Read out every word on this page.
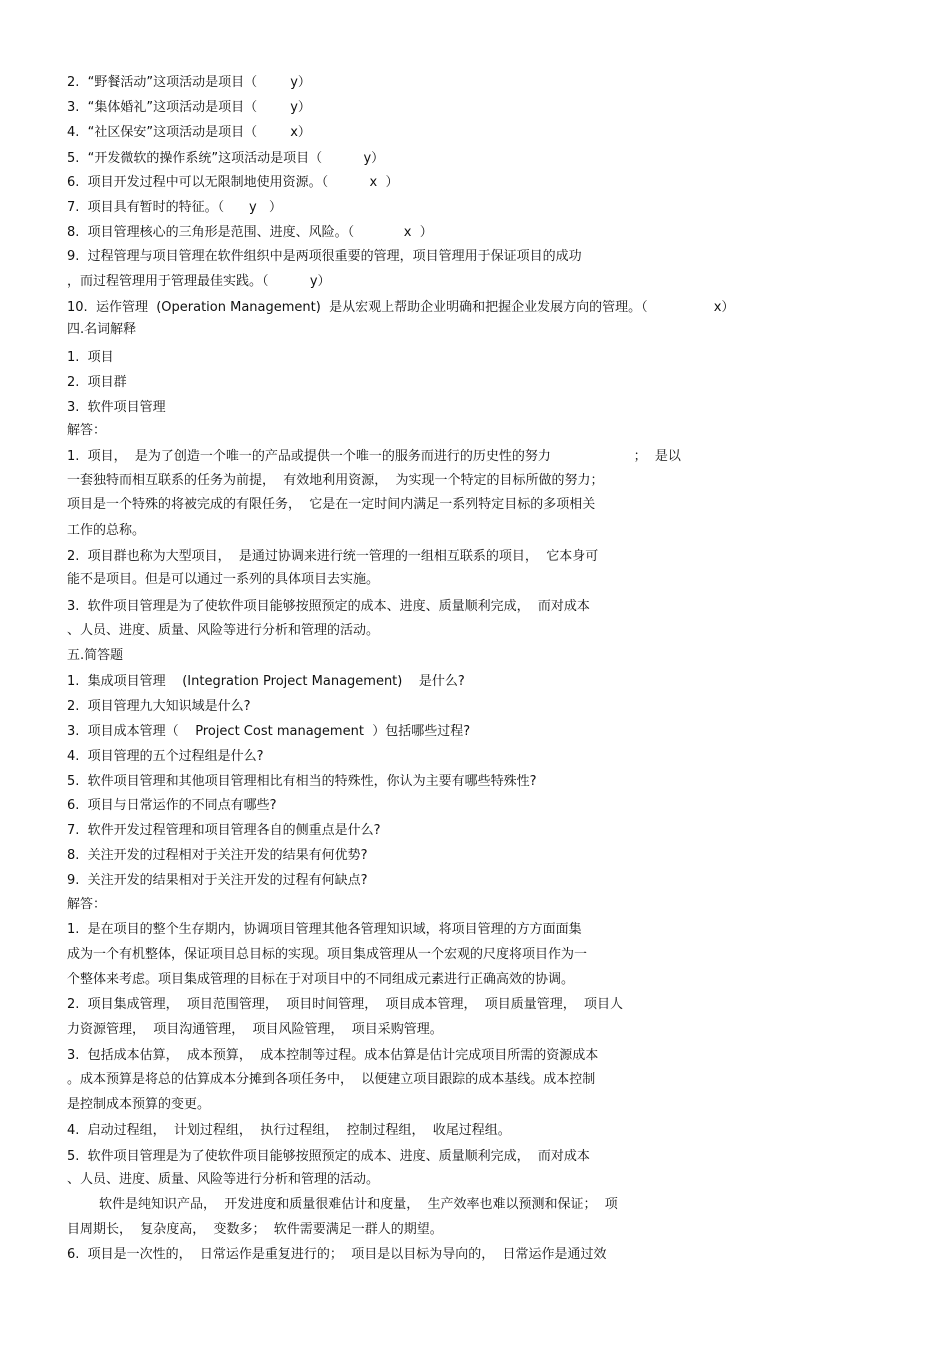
2.  “野餐活动”这项活动是项目（        y）
3.  “集体婚礼”这项活动是项目（        y）
4.  “社区保安”这项活动是项目（        x）
5.  “开发微软的操作系统”这项活动是项目（          y）
6.  项目开发过程中可以无限制地使用资源。（          x  ）
7.  项目具有暂时的特征。（      y   ）
8.  项目管理核心的三角形是范围、进度、风险。（            x  ）
9.  过程管理与项目管理在软件组织中是两项很重要的管理，项目管理用于保证项目的成功
，而过程管理用于管理最佳实践。（          y）
10.  运作管理  (Operation Management)  是从宏观上帮助企业明确和把握企业发展方向的管理。（                x）
四.名词解释
1.  项目
2.  项目群
3.  软件项目管理
解答：
1.  项目，  是为了创造一个唯一的产品或提供一个唯一的服务而进行的历史性的努力                    ；  是以
一套独特而相互联系的任务为前提，  有效地利用资源，  为实现一个特定的目标所做的努力；
项目是一个特殊的将被完成的有限任务，  它是在一定时间内满足一系列特定目标的多项相关
工作的总称。
2.  项目群也称为大型项目，  是通过协调来进行统一管理的一组相互联系的项目，  它本身可
能不是项目。但是可以通过一系列的具体项目去实施。
3.  软件项目管理是为了使软件项目能够按照预定的成本、进度、质量顺利完成，  而对成本
、人员、进度、质量、风险等进行分析和管理的活动。
五.简答题
1.  集成项目管理    (Integration Project Management)    是什么?
2.  项目管理九大知识域是什么?
3.  项目成本管理（    Project Cost management  ）包括哪些过程?
4.  项目管理的五个过程组是什么?
5.  软件项目管理和其他项目管理相比有相当的特殊性，你认为主要有哪些特殊性?
6.  项目与日常运作的不同点有哪些?
7.  软件开发过程管理和项目管理各自的侧重点是什么?
8.  关注开发的过程相对于关注开发的结果有何优势?
9.  关注开发的结果相对于关注开发的过程有何缺点?
解答：
1.  是在项目的整个生存期内，协调项目管理其他各管理知识域，将项目管理的方方面面集
成为一个有机整体，保证项目总目标的实现。项目集成管理从一个宏观的尺度将项目作为一
个整体来考虑。项目集成管理的目标在于对项目中的不同组成元素进行正确高效的协调。
2.  项目集成管理，  项目范围管理，  项目时间管理，  项目成本管理，  项目质量管理，  项目人
力资源管理，  项目沟通管理，  项目风险管理，  项目采购管理。
3.  包括成本估算，  成本预算，  成本控制等过程。成本估算是估计完成项目所需的资源成本
。成本预算是将总的估算成本分摊到各项任务中，  以便建立项目跟踪的成本基线。成本控制
是控制成本预算的变更。
4.  启动过程组，  计划过程组，  执行过程组，  控制过程组，  收尾过程组。
5.  软件项目管理是为了使软件项目能够按照预定的成本、进度、质量顺利完成，  而对成本
、人员、进度、质量、风险等进行分析和管理的活动。
软件是纯知识产品，  开发进度和质量很难估计和度量，  生产效率也难以预测和保证；  项
目周期长，  复杂度高，  变数多；  软件需要满足一群人的期望。
6.  项目是一次性的，  日常运作是重复进行的；  项目是以目标为导向的，  日常运作是通过效
